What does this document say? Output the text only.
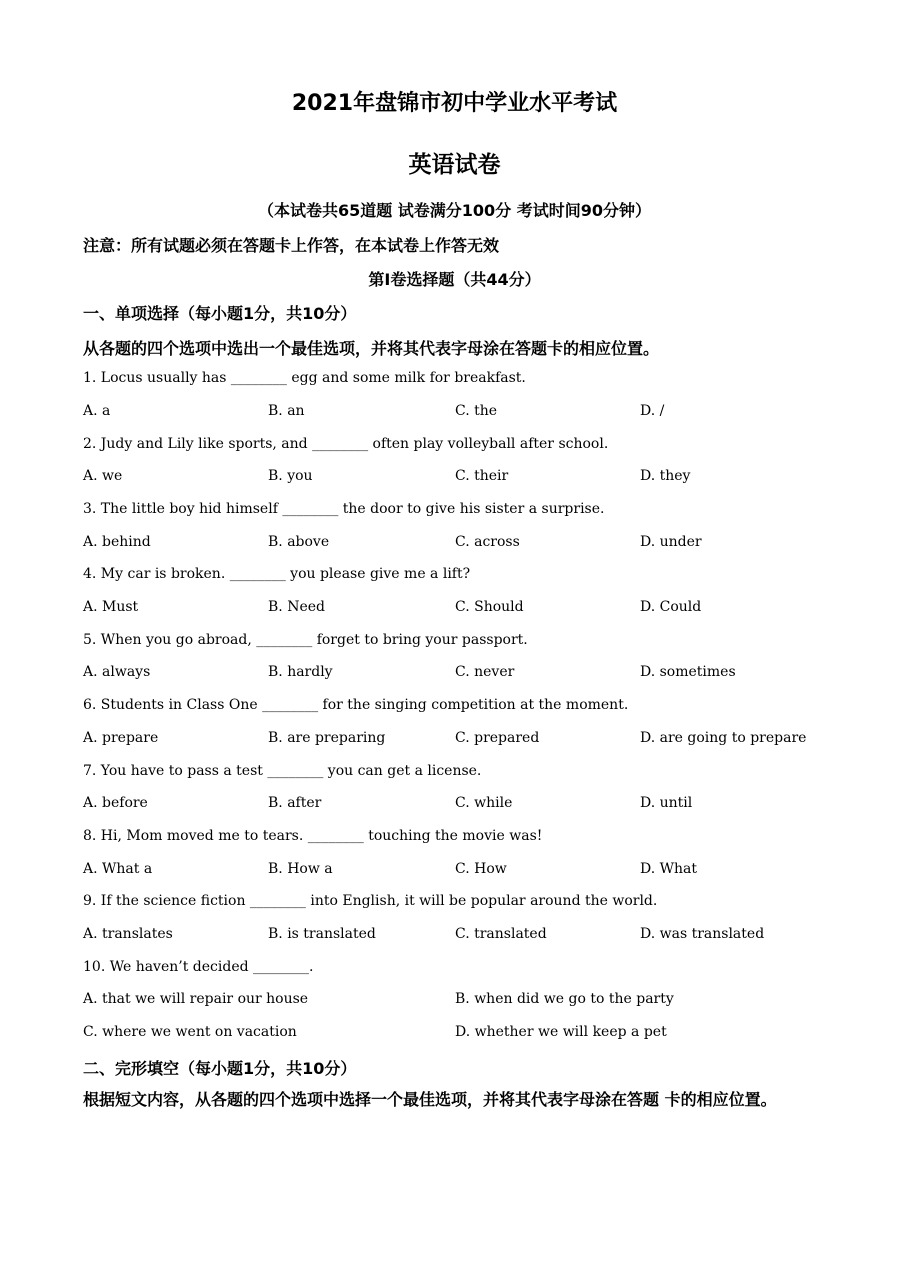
2021年盘锦市初中学业水平考试
英语试卷
（本试卷共65道题 试卷满分100分 考试时间90分钟）
注意：所有试题必须在答题卡上作答，在本试卷上作答无效
第I卷选择题（共44分）
一、单项选择（每小题1分，共10分）
从各题的四个选项中选出一个最佳选项，并将其代表字母涂在答题卡的相应位置。
1. Locus usually has ________ egg and some milk for breakfast.
A. a	B. an	C. the	D. /
2. Judy and Lily like sports, and ________ often play volleyball after school.
A. we	B. you	C. their	D. they
3. The little boy hid himself ________ the door to give his sister a surprise.
A. behind	B. above	C. across	D. under
4. My car is broken. ________ you please give me a lift?
A. Must	B. Need	C. Should	D. Could
5. When you go abroad, ________ forget to bring your passport.
A. always	B. hardly	C. never	D. sometimes
6. Students in Class One ________ for the singing competition at the moment.
A. prepare	B. are preparing	C. prepared	D. are going to prepare
7. You have to pass a test ________ you can get a license.
A. before	B. after	C. while	D. until
8. Hi, Mom moved me to tears. ________ touching the movie was!
A. What a	B. How a	C. How	D. What
9. If the science fiction ________ into English, it will be popular around the world.
A. translates	B. is translated	C. translated	D. was translated
10. We haven’t decided ________.
A. that we will repair our house	B. when did we go to the party
C. where we went on vacation	D. whether we will keep a pet
二、完形填空（每小题1分，共10分）
根据短文内容，从各题的四个选项中选择一个最佳选项，并将其代表字母涂在答题 卡的相应位置。
